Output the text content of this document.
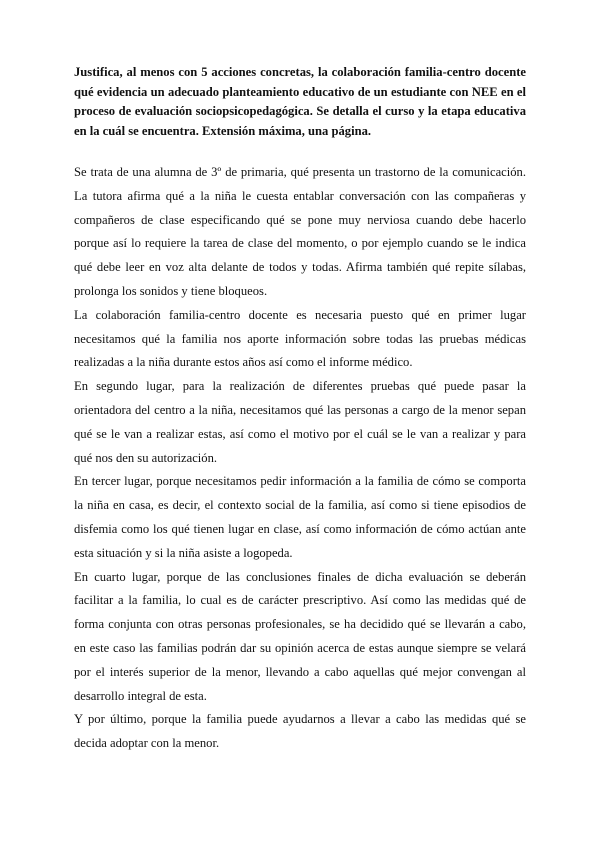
Justifica, al menos con 5 acciones concretas, la colaboración familia-centro docente qué evidencia un adecuado planteamiento educativo de un estudiante con NEE en el proceso de evaluación sociopsicopedagógica. Se detalla el curso y la etapa educativa en la cuál se encuentra. Extensión máxima, una página.

Se trata de una alumna de 3º de primaria, qué presenta un trastorno de la comunicación. La tutora afirma qué a la niña le cuesta entablar conversación con las compañeras y compañeros de clase especificando qué se pone muy nerviosa cuando debe hacerlo porque así lo requiere la tarea de clase del momento, o por ejemplo cuando se le indica qué debe leer en voz alta delante de todos y todas. Afirma también qué repite sílabas, prolonga los sonidos y tiene bloqueos.

La colaboración familia-centro docente es necesaria puesto qué en primer lugar necesitamos qué la familia nos aporte información sobre todas las pruebas médicas realizadas a la niña durante estos años así como el informe médico.

En segundo lugar, para la realización de diferentes pruebas qué puede pasar la orientadora del centro a la niña, necesitamos qué las personas a cargo de la menor sepan qué se le van a realizar estas, así como el motivo por el cuál se le van a realizar y para qué nos den su autorización.

En tercer lugar, porque necesitamos pedir información a la familia de cómo se comporta la niña en casa, es decir, el contexto social de la familia, así como si tiene episodios de disfemia como los qué tienen lugar en clase, así como información de cómo actúan ante esta situación y si la niña asiste a logopeda.

En cuarto lugar, porque de las conclusiones finales de dicha evaluación se deberán facilitar a la familia, lo cual es de carácter prescriptivo. Así como las medidas qué de forma conjunta con otras personas profesionales, se ha decidido qué se llevarán a cabo, en este caso las familias podrán dar su opinión acerca de estas aunque siempre se velará por el interés superior de la menor, llevando a cabo aquellas qué mejor convengan al desarrollo integral de esta.

Y por último, porque la familia puede ayudarnos a llevar a cabo las medidas qué se decida adoptar con la menor.
